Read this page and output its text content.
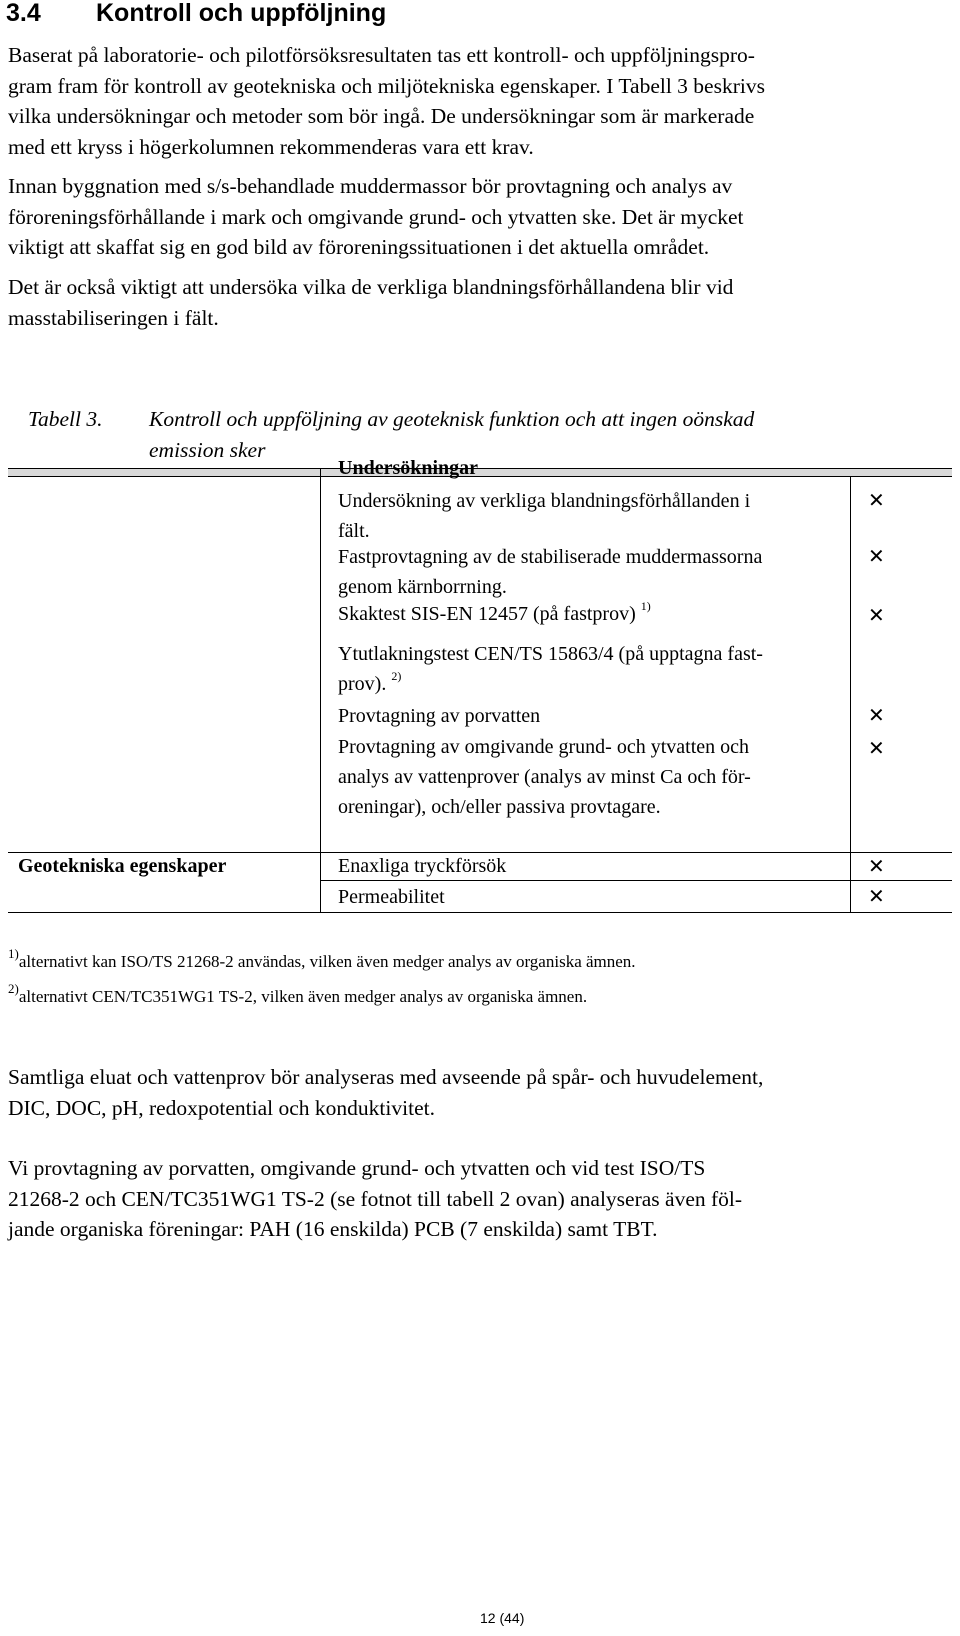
3.4 Kontroll och uppföljning
Baserat på laboratorie- och pilotförsöksresultaten tas ett kontroll- och uppföljningspro-
gram fram för kontroll av geotekniska och miljötekniska egenskaper. I Tabell 3 beskrivs
vilka undersökningar och metoder som bör ingå. De undersökningar som är markerade
med ett kryss i högerkolumnen rekommenderas vara ett krav.
Innan byggnation med s/s-behandlade muddermassor bör provtagning och analys av
föroreningsförhållande i mark och omgivande grund- och ytvatten ske. Det är mycket
viktigt att skaffat sig en god bild av föroreningssituationen i det aktuella området.
Det är också viktigt att undersöka vilka de verkliga blandningsförhållandena blir vid
masstabiliseringen i fält.
Tabell 3.	Kontroll och uppföljning av geoteknisk funktion och att ingen oönskad
emission sker
Undersökningar
Undersökning av verkliga blandningsförhållanden i
fält.
✕
Fastprovtagning av de stabiliserade muddermassorna
genom kärnborrning.
✕
Skaktest SIS-EN 12457 (på fastprov) $^{1)}$	✕
Ytutlakningstest CEN/TS 15863/4 (på upptagna fast-
prov). $^{2)}$
Provtagning av porvatten	✕
Provtagning av omgivande grund- och ytvatten och
analys av vattenprover (analys av minst Ca och för-
oreningar), och/eller passiva provtagare.
✕
Geotekniska egenskaper	Enaxliga tryckförsök	✕
Permeabilitet	✕
$^{1)}$alternativt kan ISO/TS 21268-2 användas, vilken även medger analys av organiska ämnen.
$^{2)}$alternativt CEN/TC351WG1 TS-2, vilken även medger analys av organiska ämnen.
Samtliga eluat och vattenprov bör analyseras med avseende på spår- och huvudelement,
DIC, DOC, pH, redoxpotential och konduktivitet.
Vi provtagning av porvatten, omgivande grund- och ytvatten och vid test ISO/TS
21268-2 och CEN/TC351WG1 TS-2 (se fotnot till tabell 2 ovan) analyseras även föl-
jande organiska föreningar: PAH (16 enskilda) PCB (7 enskilda) samt TBT.
12 (44)
